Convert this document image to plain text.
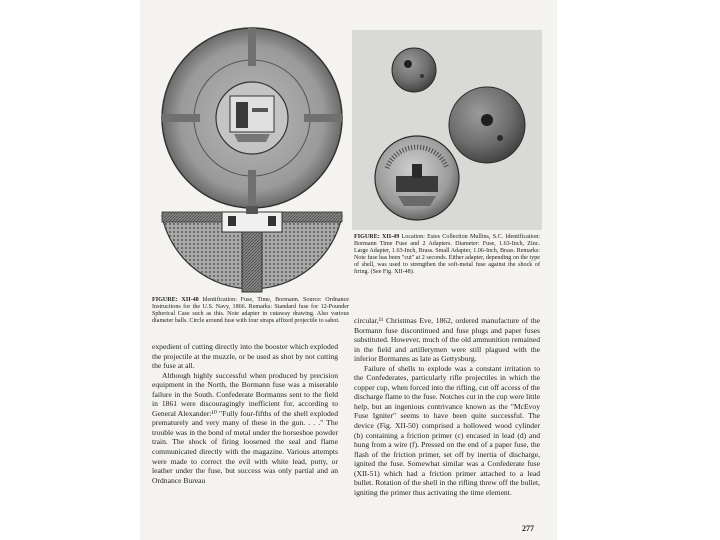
FIGURE: XII-49 Location: Estes Collection Mullins, S.C. Identification: Bormann Time Fuse and 2 Adapters. Diameter: Fuse, 1.63-Inch, Zinc. Large Adapter, 1.63-Inch, Brass. Small Adapter, 1.06-Inch, Brass. Remarks: Note fuse has been "cut" at 2 seconds. Either adapter, depending on the type of shell, was used to strengthen the soft-metal fuse against the shock of firing. (See Fig. XII-48).
FIGURE: XII-48 Identification: Fuse, Time, Bormann. Source: Ordnance Instructions for the U.S. Navy, 1866. Remarks: Standard fuse for 12-Pounder Spherical Case such as this. Note adapter in cutaway drawing. Also various diameter balls. Circle around fuse with four straps affixed projectile to sabot.

expedient of cutting directly into the booster which exploded the projectile at the muzzle, or be used as shot by not cutting the fuse at all.

Although highly successful when produced by precision equipment in the North, the Bormann fuse was a miserable failure in the South. Confederate Bormanns sent to the field in 1861 were discouragingly inefficient for, according to General Alexander:¹⁰ "Fully four-fifths of the shell exploded prematurely and very many of these in the gun. . . ." The trouble was in the bond of metal under the horseshoe powder train. The shock of firing loosened the seal and flame communicated directly with the magazine. Various attempts were made to correct the evil with white lead, putty, or leather under the fuse, but success was only partial and an Ordnance Bureau

circular,¹¹ Christmas Eve, 1862, ordered manufacture of the Bormann fuse discontinued and fuse plugs and paper fuses substituted. However, much of the old ammunition remained in the field and artillerymen were still plagued with the inferior Bormanns as late as Gettysburg.

Failure of shells to explode was a constant irritation to the Confederates, particularly rifle projectiles in which the copper cup, when forced into the rifling, cut off access of the discharge flame to the fuse. Notches cut in the cup were little help, but an ingenious contrivance known as the "McEvoy Fuse Igniter" seems to have been quite successful. The device (Fig. XII-50) comprised a hollowed wood cylinder (b) containing a friction primer (c) encased in lead (d) and hung from a wire (f). Pressed on the end of a paper fuse, the flash of the friction primer, set off by inertia of discharge, ignited the fuse. Somewhat similar was a Confederate fuse (XII-51) which had a friction primer attached to a lead bullet. Rotation of the shell in the rifling threw off the bullet, igniting the primer thus activating the time element.

277
